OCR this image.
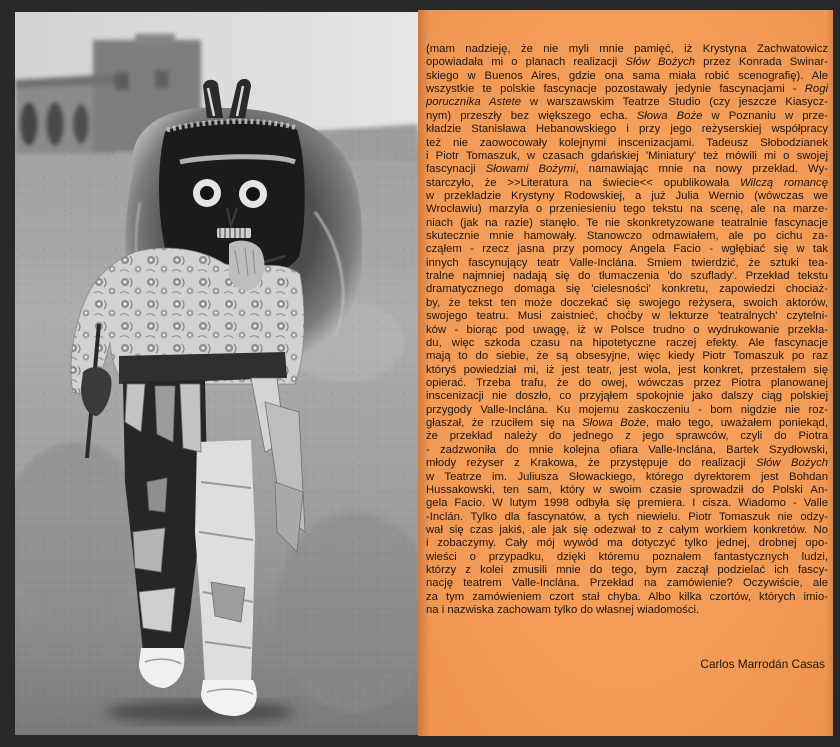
(mam nadzieję, że nie myli mnie pamięć, iż Krystyna Zachwatowicz
opowiadała mi o planach realizacji Słów Bożych przez Konrada Swinar-
skiego w Buenos Aires, gdzie ona sama miała robić scenografię). Ale
wszystkie te polskie fascynacje pozostawały jedynie fascynacjami - Rogi
porucznika Astete w warszawskim Teatrze Studio (czy jeszcze Kiasycz-
nym) przeszły bez większego echa. Słowa Boże w Poznaniu w prze-
kładzie Stanisława Hebanowskiego i przy jego reżyserskiej współpracy
też nie zaowocowały kolejnymi inscenizacjami. Tadeusz Słobodzianek
i Piotr Tomaszuk, w czasach gdańskiej 'Miniatury' też mówili mi o swojej
fascynacji Słowami Bożymi, namawiając mnie na nowy przekład. Wy-
starczyło, że >>Literatura na świecie<< opublikowała Wilczą romancę
w przekładzie Krystyny Rodowskiej, a już Julia Wernio (wówczas we
Wrocławiu) marzyła o przeniesieniu tego tekstu na scenę, ale na marze-
niach (jak na razie) stanęło. Te nie skonkretyzowane teatralnie fascynacje
skutecznie mnie hamowały. Stanowczo odmawiałem, ale po cichu za-
cząłem - rzecz jasna przy pomocy Angela Facio - wgłębiać się w tak
innych fascynujący teatr Valle-Inclána. Śmiem twierdzić, że sztuki tea-
tralne najmniej nadają się do tłumaczenia 'do szuflady'. Przekład tekstu
dramatycznego domaga się 'cielesności' konkretu, zapowiedzi chociaż-
by, że tekst ten może doczekać się swojego reżysera, swoich aktorów,
swojego teatru. Musi zaistnieć, choćby w lekturze 'teatralnych' czytelni-
ków - biorąc pod uwagę, iż w Polsce trudno o wydrukowanie przekła-
du, więc szkoda czasu na hipotetyczne raczej efekty. Ale fascynacje
mają to do siebie, że są obsesyjne, więc kiedy Piotr Tomaszuk po raz
któryś powiedział mi, iż jest teatr, jest wola, jest konkret, przestałem się
opierać. Trzeba trafu, że do owej, wówczas przez Piotra planowanej
inscenizacji nie doszło, co przyjąłem spokojnie jako dalszy ciąg polskiej
przygody Valle-Inclána. Ku mojemu zaskoczeniu - bom nigdzie nie roz-
głaszał, że rzuciłem się na Słowa Boże, mało tego, uważałem poniekąd,
że przekład należy do jednego z jego sprawców, czyli do Piotra
- zadzwoniła do mnie kolejna ofiara Valle-Inclána, Bartek Szydłowski,
młody reżyser z Krakowa, że przystępuje do realizacji Słów Bożych
w Teatrze im. Juliusza Słowackiego, którego dyrektorem jest Bohdan
Hussakowski, ten sam, który w swoim czasie sprowadził do Polski An-
gela Facio. W lutym 1998 odbyła się premiera. I cisza. Wiadomo - Valle
-Inclán. Tylko dla fascynatów, a tych niewielu. Piotr Tomaszuk nie odzy-
wał się czas jakiś, ale jak się odezwał to z całym workiem konkretów. No
i zobaczymy. Cały mój wywód ma dotyczyć tylko jednej, drobnej opo-
wieści o przypadku, dzięki któremu poznałem fantastycznych ludzi,
którzy z kolei zmusili mnie do tego, bym zaczął podzielać ich fascy-
nację teatrem Valle-Inclána. Przekład na zamówienie? Oczywiście, ale
za tym zamówieniem czort stał chyba. Albo kilka czortów, których imio-
na i nazwiska zachowam tylko do własnej wiadomości.

Carlos Marrodán Casas
